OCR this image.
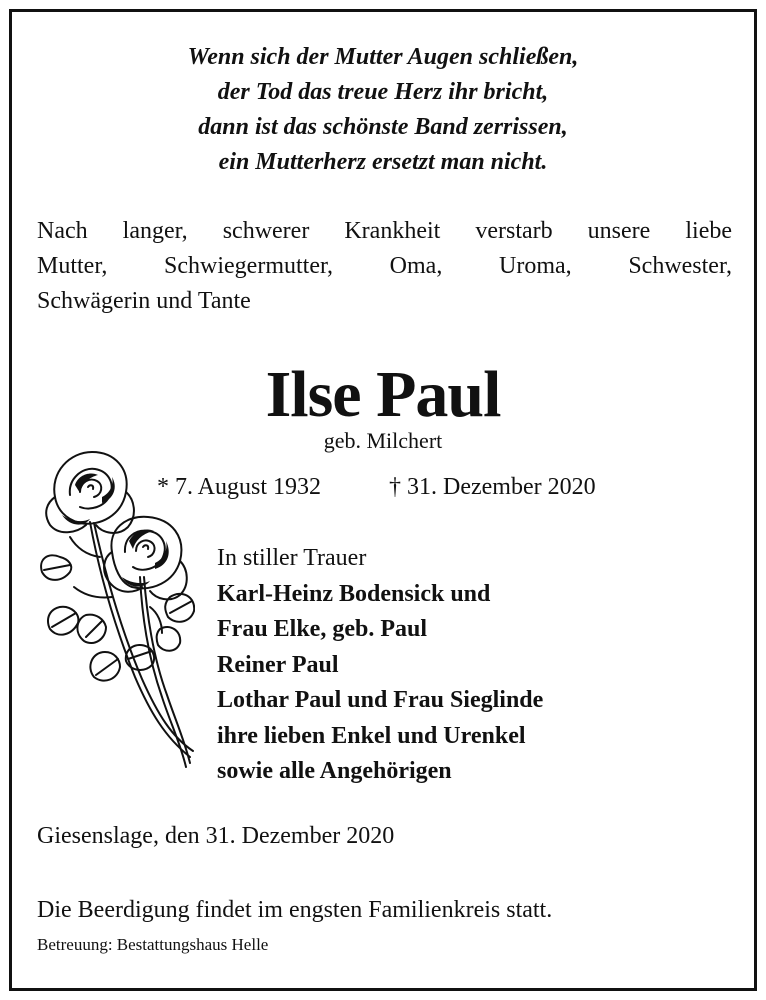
Wenn sich der Mutter Augen schließen,
der Tod das treue Herz ihr bricht,
dann ist das schönste Band zerrissen,
ein Mutterherz ersetzt man nicht.
Nach langer, schwerer Krankheit verstarb unsere liebe
Mutter, Schwiegermutter, Oma, Uroma, Schwester,
Schwägerin und Tante
Ilse Paul
geb. Milchert
* 7. August 1932	† 31. Dezember 2020
In stiller Trauer
Karl-Heinz Bodensick und
Frau Elke, geb. Paul
Reiner Paul
Lothar Paul und Frau Sieglinde
ihre lieben Enkel und Urenkel
sowie alle Angehörigen
Giesenslage, den 31. Dezember 2020
Die Beerdigung findet im engsten Familienkreis statt.
Betreuung: Bestattungshaus Helle
